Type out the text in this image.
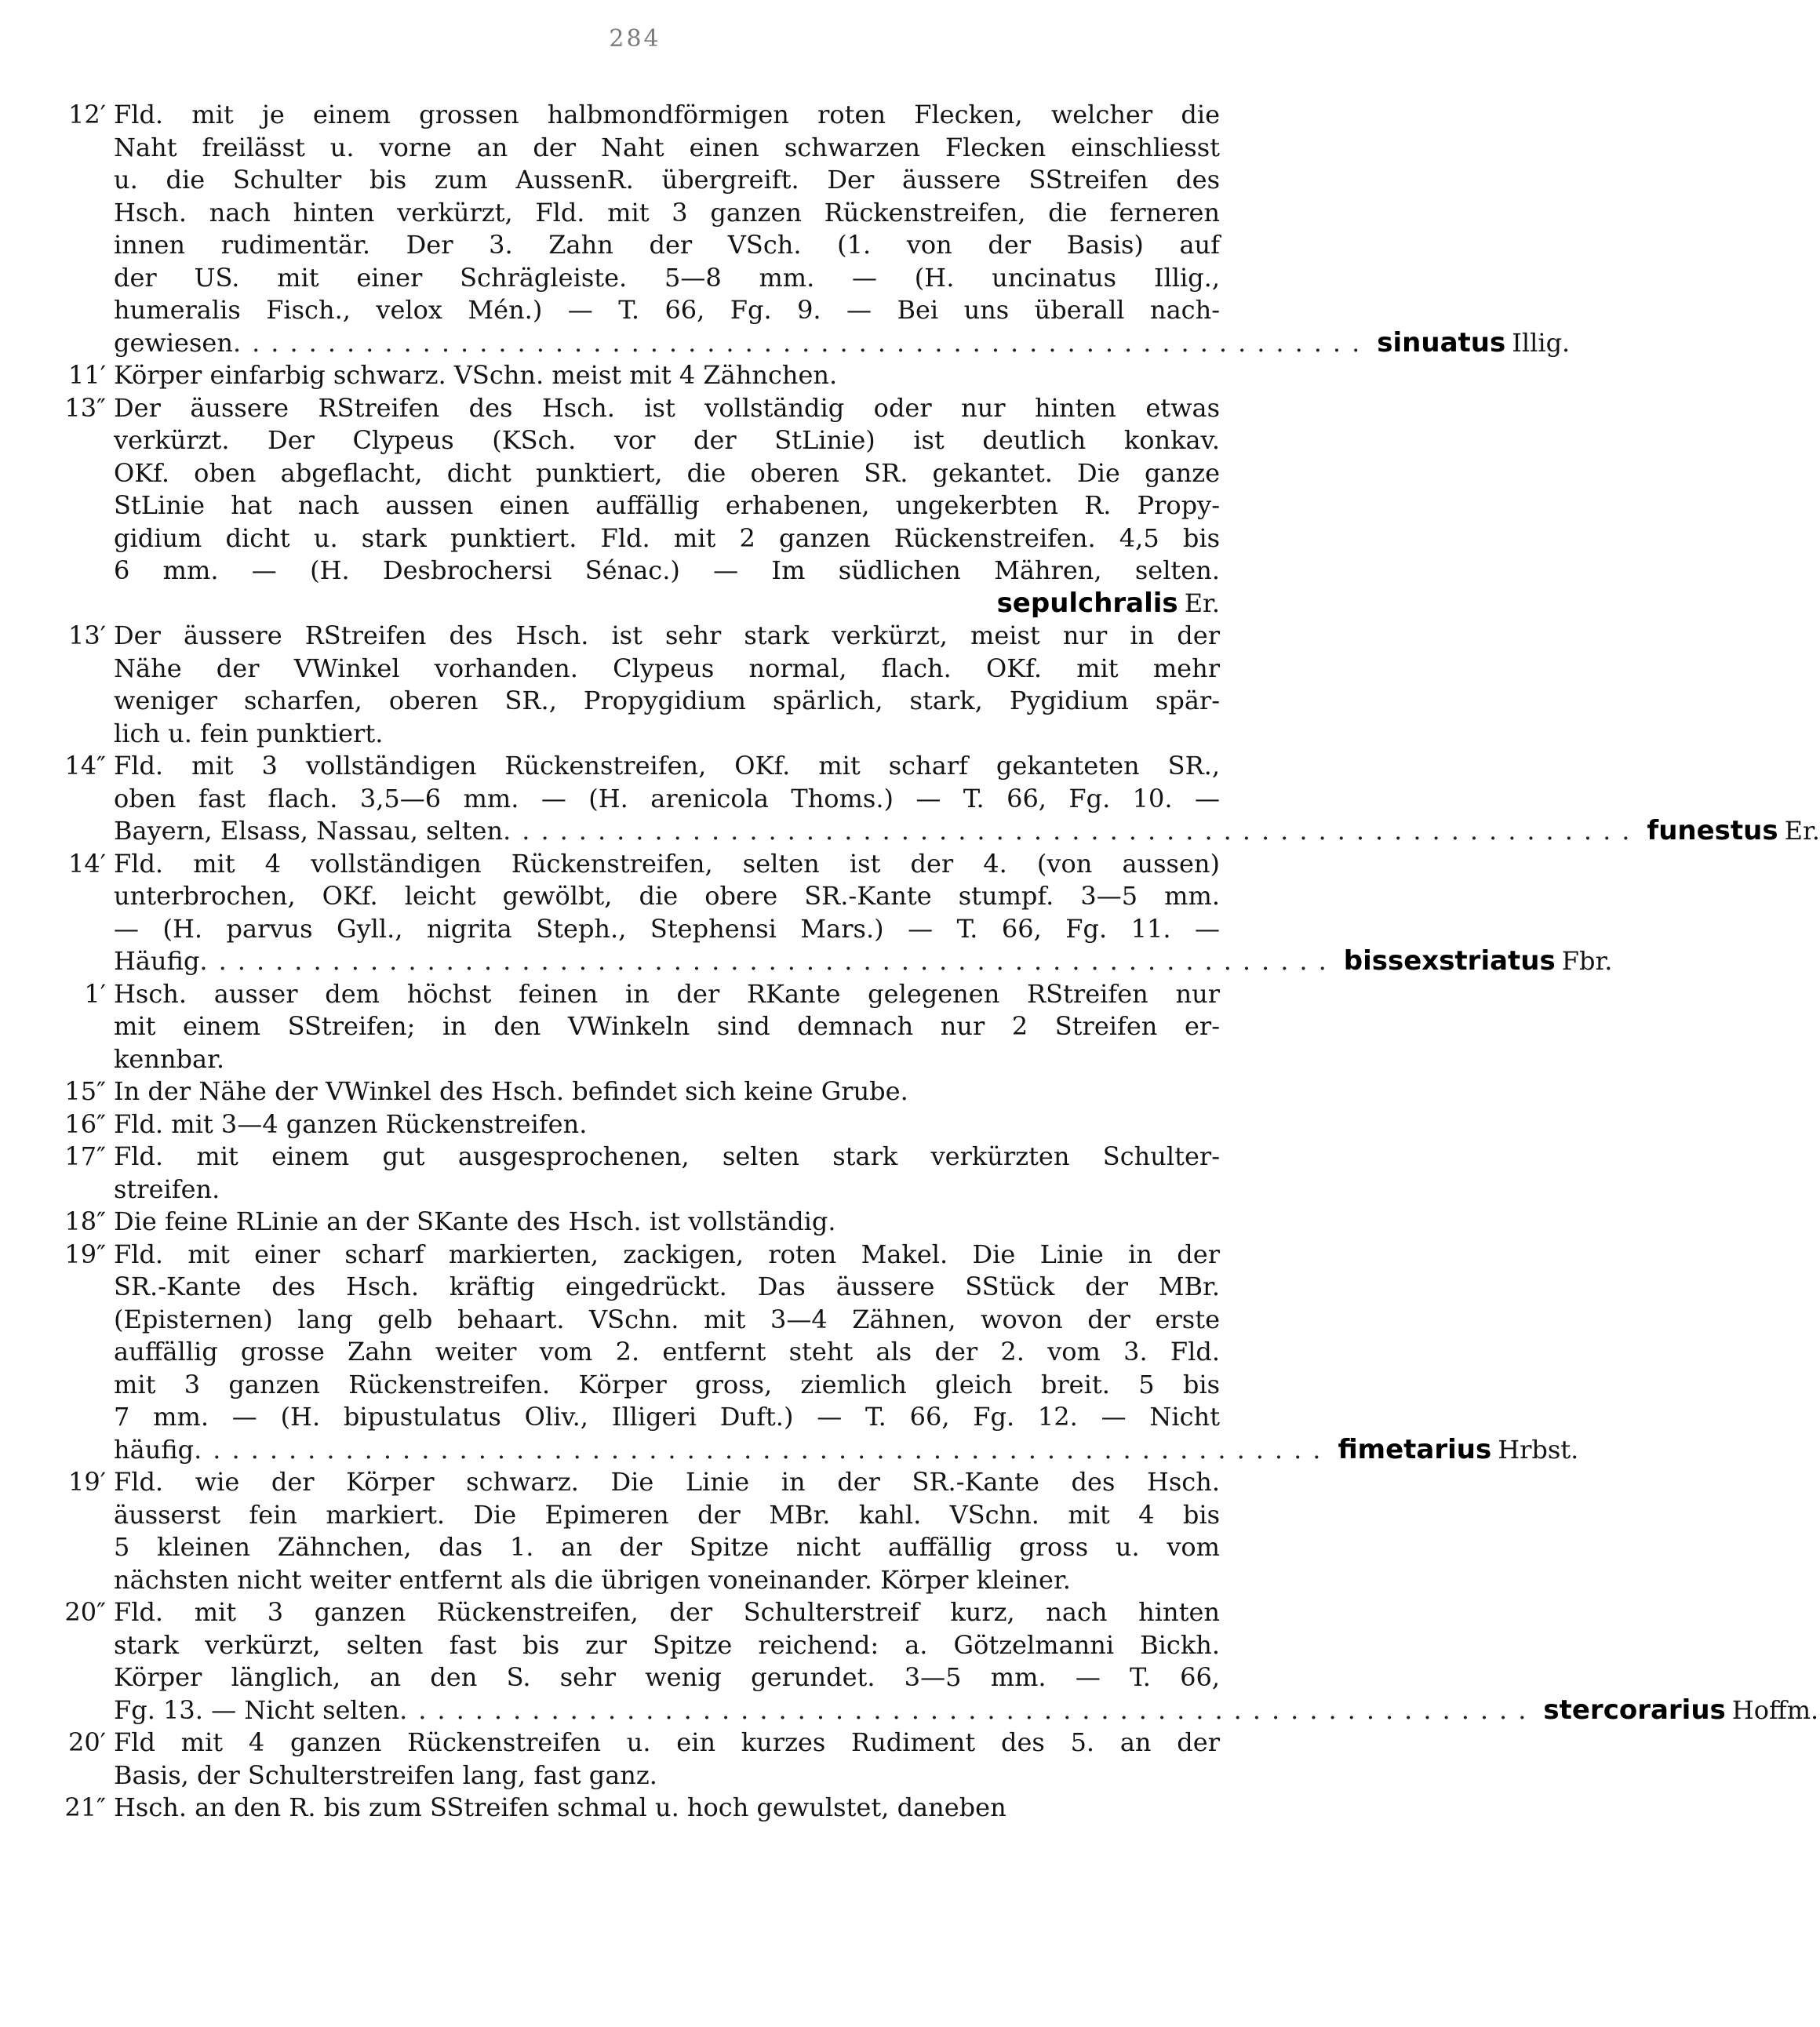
284
12′ Fld. mit je einem grossen halbmondförmigen roten Flecken, welcher die
Naht freilässt u. vorne an der Naht einen schwarzen Flecken einschliesst
u. die Schulter bis zum AussenR. übergreift. Der äussere SStreifen des
Hsch. nach hinten verkürzt, Fld. mit 3 ganzen Rückenstreifen, die ferneren
innen rudimentär. Der 3. Zahn der VSch. (1. von der Basis) auf
der US. mit einer Schrägleiste. 5—8 mm. — (H. uncinatus Illig.,
humeralis Fisch., velox Mén.) — T. 66, Fg. 9. — Bei uns überall nach-
gewiesen ............................................................ sinuatus Illig.
11′ Körper einfarbig schwarz. VSchn. meist mit 4 Zähnchen.
13″ Der äussere RStreifen des Hsch. ist vollständig oder nur hinten etwas
verkürzt. Der Clypeus (KSch. vor der StLinie) ist deutlich konkav.
OKf. oben abgeflacht, dicht punktiert, die oberen SR. gekantet. Die ganze
StLinie hat nach aussen einen auffällig erhabenen, ungekerbten R. Propy-
gidium dicht u. stark punktiert. Fld. mit 2 ganzen Rückenstreifen. 4,5 bis
6 mm. — (H. Desbrochersi Sénac.) — Im südlichen Mähren, selten.
sepulchralis Er.
13′ Der äussere RStreifen des Hsch. ist sehr stark verkürzt, meist nur in der
Nähe der VWinkel vorhanden. Clypeus normal, flach. OKf. mit mehr
weniger scharfen, oberen SR., Propygidium spärlich, stark, Pygidium spär-
lich u. fein punktiert.
14″ Fld. mit 3 vollständigen Rückenstreifen, OKf. mit scharf gekanteten SR.,
oben fast flach. 3,5—6 mm. — (H. arenicola Thoms.) — T. 66, Fg. 10. —
Bayern, Elsass, Nassau, selten ............................................................ funestus Er.
14′ Fld. mit 4 vollständigen Rückenstreifen, selten ist der 4. (von aussen)
unterbrochen, OKf. leicht gewölbt, die obere SR.-Kante stumpf. 3—5 mm.
— (H. parvus Gyll., nigrita Steph., Stephensi Mars.) — T. 66, Fg. 11. —
Häufig ............................................................ bissexstriatus Fbr.
1′ Hsch. ausser dem höchst feinen in der RKante gelegenen RStreifen nur
mit einem SStreifen; in den VWinkeln sind demnach nur 2 Streifen er-
kennbar.
15″ In der Nähe der VWinkel des Hsch. befindet sich keine Grube.
16″ Fld. mit 3—4 ganzen Rückenstreifen.
17″ Fld. mit einem gut ausgesprochenen, selten stark verkürzten Schulter-
streifen.
18″ Die feine RLinie an der SKante des Hsch. ist vollständig.
19″ Fld. mit einer scharf markierten, zackigen, roten Makel. Die Linie in der
SR.-Kante des Hsch. kräftig eingedrückt. Das äussere SStück der MBr.
(Episternen) lang gelb behaart. VSchn. mit 3—4 Zähnen, wovon der erste
auffällig grosse Zahn weiter vom 2. entfernt steht als der 2. vom 3. Fld.
mit 3 ganzen Rückenstreifen. Körper gross, ziemlich gleich breit. 5 bis
7 mm. — (H. bipustulatus Oliv., Illigeri Duft.) — T. 66, Fg. 12. — Nicht
häufig ............................................................ fimetarius Hrbst.
19′ Fld. wie der Körper schwarz. Die Linie in der SR.-Kante des Hsch.
äusserst fein markiert. Die Epimeren der MBr. kahl. VSchn. mit 4 bis
5 kleinen Zähnchen, das 1. an der Spitze nicht auffällig gross u. vom
nächsten nicht weiter entfernt als die übrigen voneinander. Körper kleiner.
20″ Fld. mit 3 ganzen Rückenstreifen, der Schulterstreif kurz, nach hinten
stark verkürzt, selten fast bis zur Spitze reichend: a. Götzelmanni Bickh.
Körper länglich, an den S. sehr wenig gerundet. 3—5 mm. — T. 66,
Fg. 13. — Nicht selten ............................................................ stercorarius Hoffm.
20′ Fld mit 4 ganzen Rückenstreifen u. ein kurzes Rudiment des 5. an der
Basis, der Schulterstreifen lang, fast ganz.
21″ Hsch. an den R. bis zum SStreifen schmal u. hoch gewulstet, daneben
